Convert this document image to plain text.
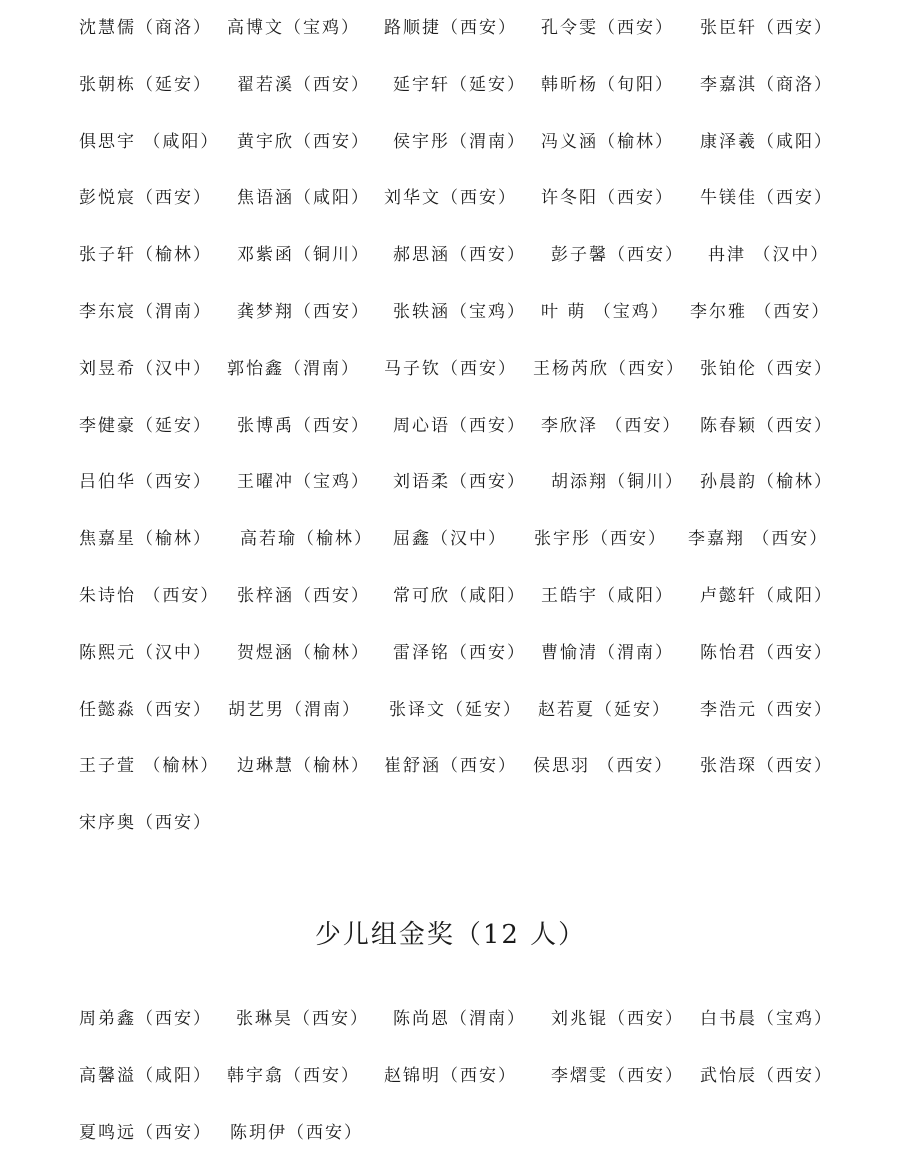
沈慧儒（商洛） 高博文（宝鸡） 路顺捷（西安） 孔令雯（西安） 张臣轩（西安）
张朝栋（延安） 翟若溪（西安） 延宇轩（延安） 韩昕杨（旬阳） 李嘉淇（商洛）
俱思宇 （咸阳） 黄宇欣（西安） 侯宇彤（渭南） 冯义涵（榆林） 康泽羲（咸阳）
彭悦宸（西安） 焦语涵（咸阳） 刘华文（西安） 许冬阳（西安） 牛镁佳（西安）
张子轩（榆林） 邓紫函（铜川） 郝思涵（西安） 彭子馨（西安） 冉津 （汉中）
李东宸（渭南） 龚梦翔（西安） 张轶涵（宝鸡） 叶 萌 （宝鸡） 李尔雅 （西安）
刘昱希（汉中） 郭怡鑫（渭南） 马子钦（西安） 王杨芮欣（西安） 张铂伦（西安）
李健豪（延安） 张博禹（西安） 周心语（西安） 李欣泽 （西安） 陈春颖（西安）
吕伯华（西安） 王曜冲（宝鸡） 刘语柔（西安） 胡添翔（铜川） 孙晨韵（榆林）
焦嘉星（榆林） 高若瑜（榆林） 屈鑫（汉中） 张宇彤（西安） 李嘉翔 （西安）
朱诗怡 （西安） 张梓涵（西安） 常可欣（咸阳） 王皓宇（咸阳） 卢懿轩（咸阳）
陈熙元（汉中） 贺煜涵（榆林） 雷泽铭（西安） 曹愉清（渭南） 陈怡君（西安）
任懿淼（西安） 胡艺男（渭南） 张译文（延安） 赵若夏（延安） 李浩元（西安）
王子萱 （榆林） 边琳慧（榆林） 崔舒涵（西安） 侯思羽 （西安） 张浩琛（西安）
宋序奥（西安）
少儿组金奖（12 人）
周弟鑫（西安） 张琳昊（西安） 陈尚恩（渭南） 刘兆锟（西安） 白书晨（宝鸡）
高馨溢（咸阳） 韩宇翕（西安） 赵锦明（西安） 李熠雯（西安） 武怡辰（西安）
夏鸣远（西安） 陈玥伊（西安）
